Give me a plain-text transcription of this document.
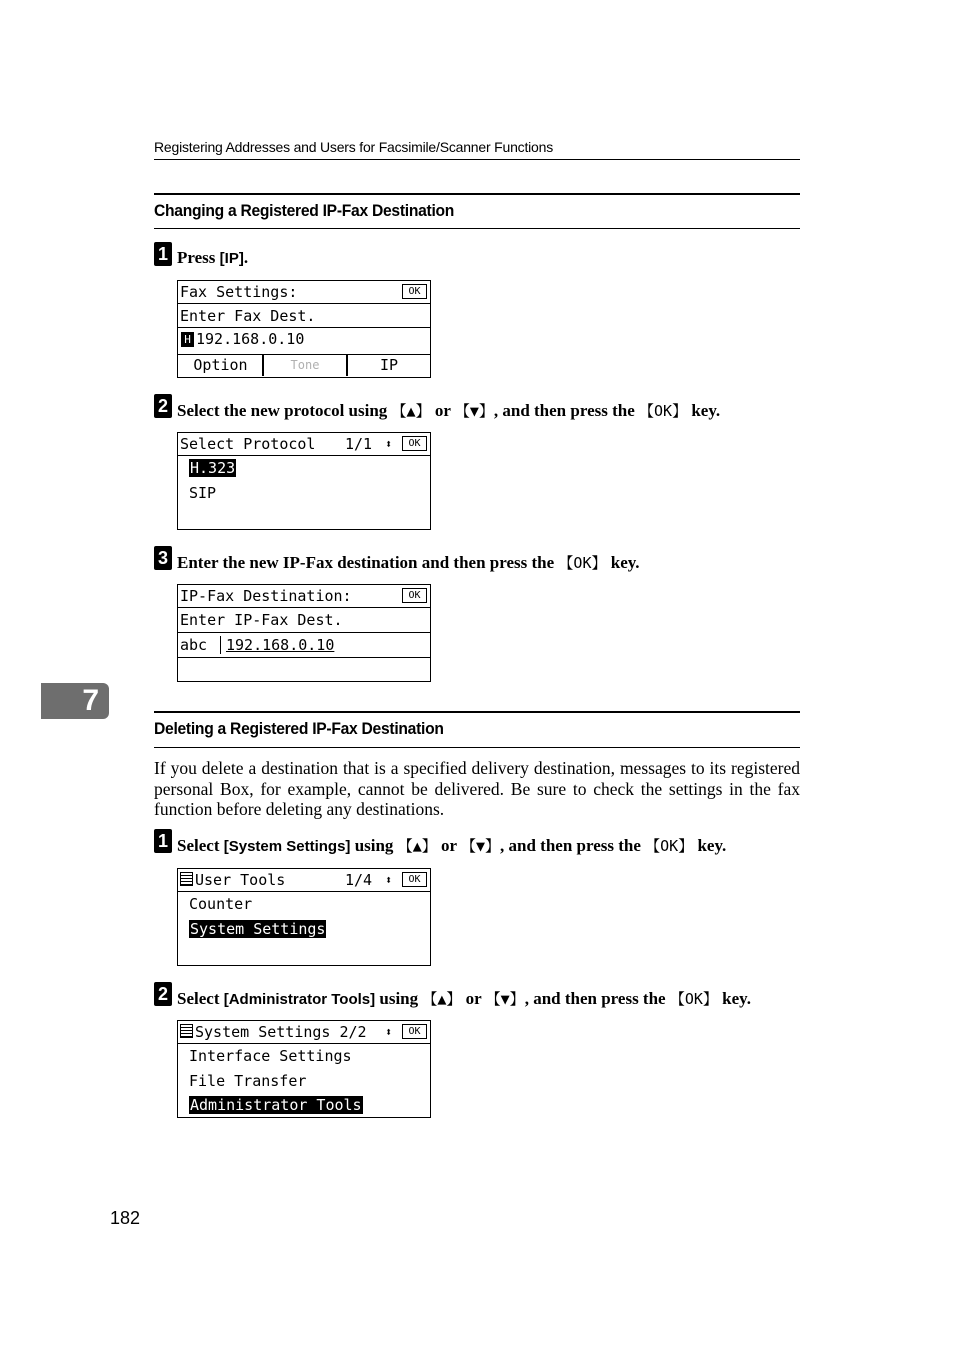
Registering Addresses and Users for Facsimile/Scanner Functions
Changing a Registered IP-Fax Destination
1 Press [IP].
Fax Settings:	OK
Enter Fax Dest.
H 192.168.0.10
Option	Tone	IP
2 Select the new protocol using 【▲】 or 【▼】, and then press the 【OK】 key.
Select Protocol 1/1 ⬍	OK
H.323
SIP
3 Enter the new IP-Fax destination and then press the 【OK】 key.
IP-Fax Destination:	OK
Enter IP-Fax Dest.
abc 192.168.0.10
7
Deleting a Registered IP-Fax Destination
If you delete a destination that is a specified delivery destination, messages to its registered personal Box, for example, cannot be delivered. Be sure to check the settings in the fax function before deleting any destinations.
1 Select [System Settings] using 【▲】 or 【▼】, and then press the 【OK】 key.
User Tools	1/4 ⬍	OK
Counter
System Settings
2 Select [Administrator Tools] using 【▲】 or 【▼】, and then press the 【OK】 key.
System Settings 2/2 ⬍	OK
Interface Settings
File Transfer
Administrator Tools
182
